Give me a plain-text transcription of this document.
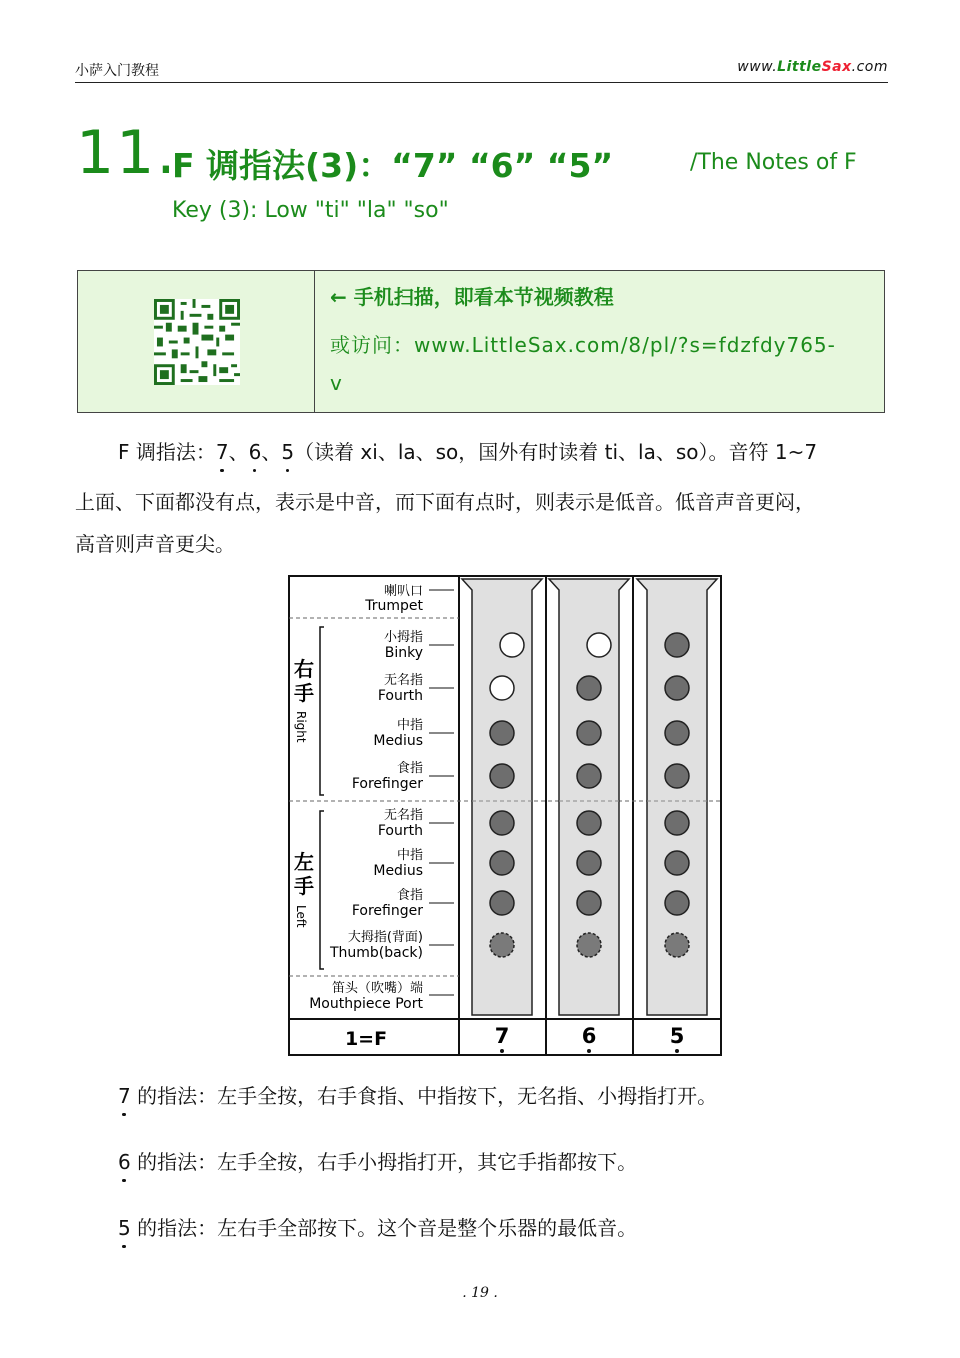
小萨入门教程	www.LittleSax.com
11.
F 调指法(3)：“7” “6” “5”	/The Notes of F
Key (3): Low "ti" "la" "so"
← 手机扫描，即看本节视频教程
或访问：www.LittleSax.com/8/pl/?s=fdzfdy765-
v
F 调指法：7、6、5（读着 xi、la、so，国外有时读着 ti、la、so）。音符 1~7
上面、下面都没有点，表示是中音，而下面有点时，则表示是低音。低音声音更闷，
高音则声音更尖。
喇叭口
Trumpet
右
手
Right
左
手
Left
小拇指
Binky
无名指
Fourth
中指
Medius
食指
Forefinger
无名指
Fourth
中指
Medius
食指
Forefinger
大拇指(背面)
Thumb(back)
笛头（吹嘴）端
Mouthpiece Port
1=F	7	6	5
7 的指法：左手全按，右手食指、中指按下，无名指、小拇指打开。
6 的指法：左手全按，右手小拇指打开，其它手指都按下。
5 的指法：左右手全部按下。这个音是整个乐器的最低音。
. 19 .
